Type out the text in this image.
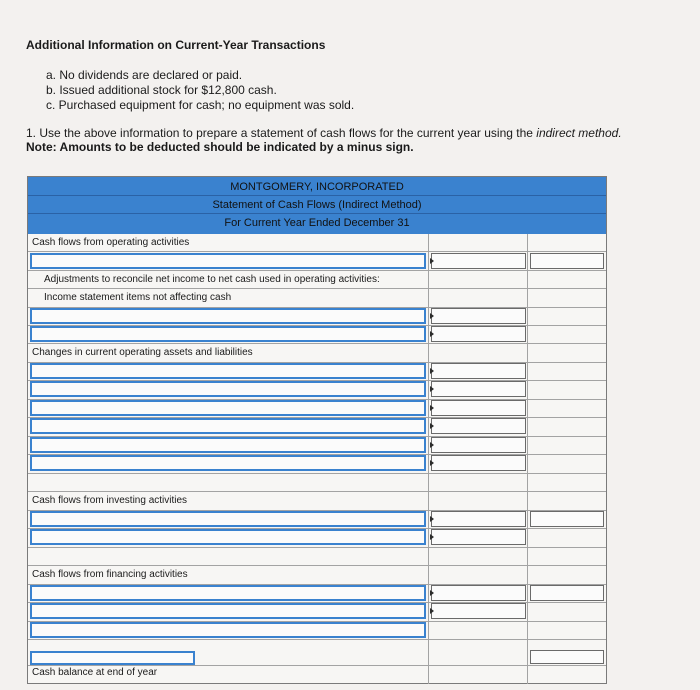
Additional Information on Current-Year Transactions
a. No dividends are declared or paid.
b. Issued additional stock for $12,800 cash.
c. Purchased equipment for cash; no equipment was sold.
1. Use the above information to prepare a statement of cash flows for the current year using the indirect method.
Note: Amounts to be deducted should be indicated by a minus sign.
MONTGOMERY, INCORPORATED
Statement of Cash Flows (Indirect Method)
For Current Year Ended December 31
Cash flows from operating activities
Adjustments to reconcile net income to net cash used in operating activities:
Income statement items not affecting cash
Changes in current operating assets and liabilities
Cash flows from investing activities
Cash flows from financing activities
Cash balance at end of year
